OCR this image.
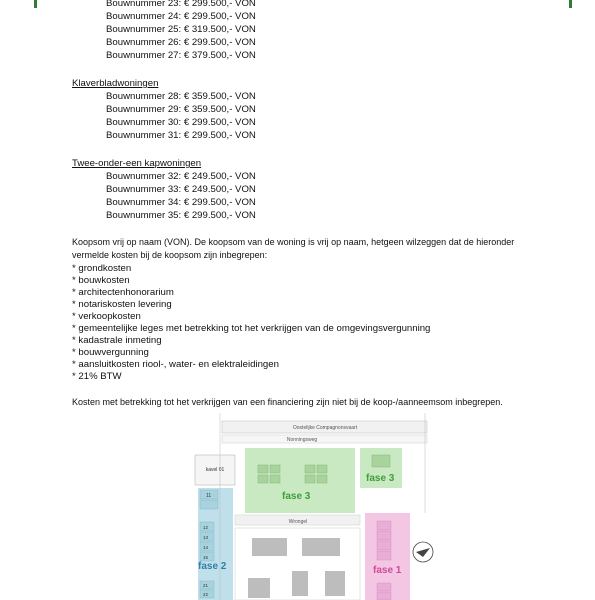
Bouwnummer 23: € 299.500,- VON
Bouwnummer 24: € 299.500,- VON
Bouwnummer 25: € 319.500,- VON
Bouwnummer 26: € 299.500,- VON
Bouwnummer 27: € 379.500,- VON
Klaverbladwoningen
Bouwnummer 28: € 359.500,- VON
Bouwnummer 29: € 359.500,- VON
Bouwnummer 30: € 299.500,- VON
Bouwnummer 31: € 299.500,- VON
Twee-onder-een kapwoningen
Bouwnummer 32: € 249.500,- VON
Bouwnummer 33: € 249.500,- VON
Bouwnummer 34: € 299.500,- VON
Bouwnummer 35: € 299.500,- VON
Koopsom vrij op naam (VON). De koopsom van de woning is vrij op naam, hetgeen wilzeggen dat de hieronder
vermelde kosten bij de koopsom zijn inbegrepen:
* grondkosten
* bouwkosten
* architectenhonorarium
* notariskosten levering
* verkoopkosten
* gemeentelijke leges met betrekking tot het verkrijgen van de omgevingsvergunning
* kadastrale inmeting
* bouwvergunning
* aansluitkosten riool-, water- en elektraleidingen
* 21% BTW
Kosten met betrekking tot het verkrijgen van een financiering zijn niet bij de koop-/aanneemsom inbegrepen.
Oostelijke Compagnonsvaart
Nonningsweg
kavel 01
11
12
13
14
15
21
22
fase 2
fase 3
fase 3
Wrongel
fase 1
